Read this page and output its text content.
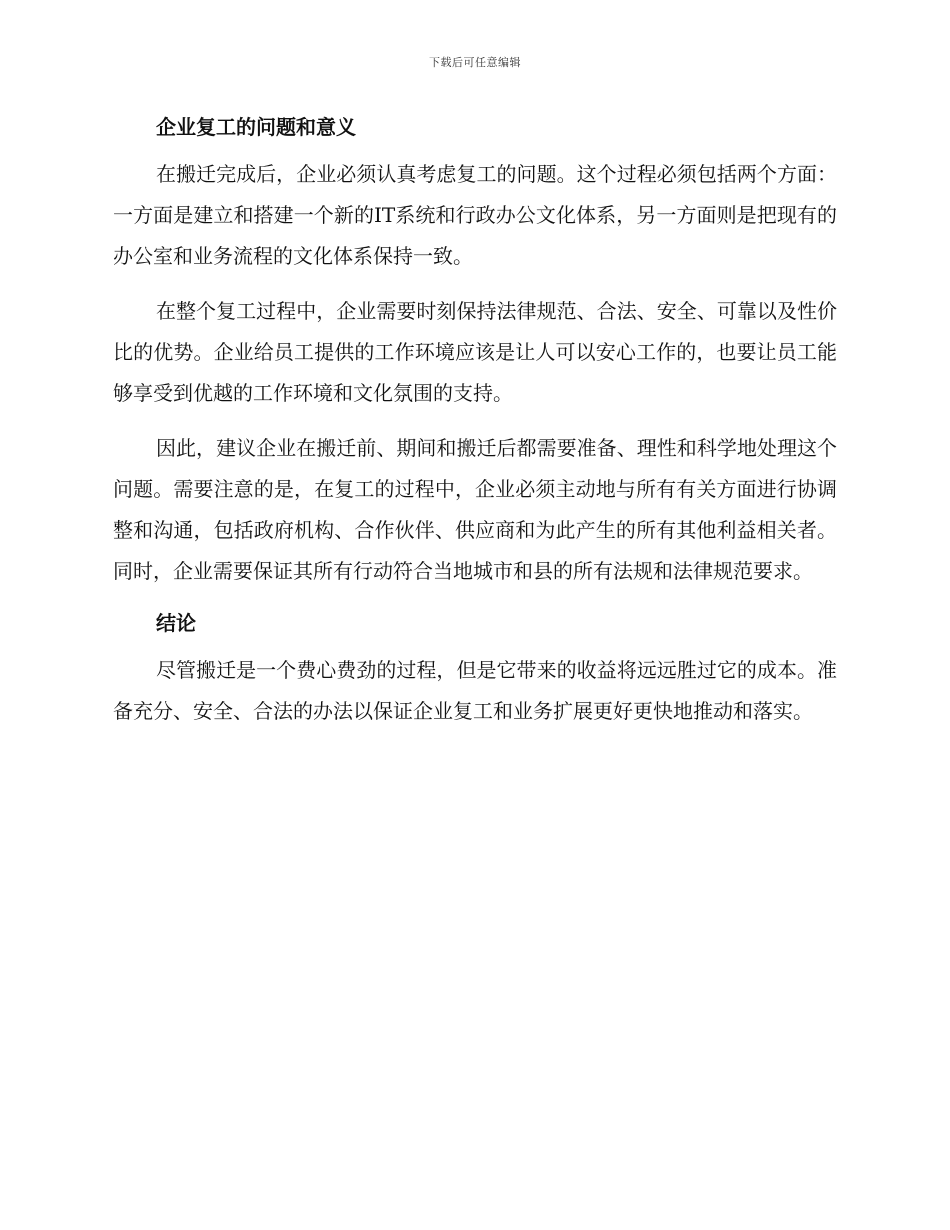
下载后可任意编辑
企业复工的问题和意义

在搬迁完成后，企业必须认真考虑复工的问题。这个过程必须包括两个方面：一方面是建立和搭建一个新的IT系统和行政办公文化体系，另一方面则是把现有的办公室和业务流程的文化体系保持一致。

在整个复工过程中，企业需要时刻保持法律规范、合法、安全、可靠以及性价比的优势。企业给员工提供的工作环境应该是让人可以安心工作的，也要让员工能够享受到优越的工作环境和文化氛围的支持。

因此，建议企业在搬迁前、期间和搬迁后都需要准备、理性和科学地处理这个问题。需要注意的是，在复工的过程中，企业必须主动地与所有有关方面进行协调整和沟通，包括政府机构、合作伙伴、供应商和为此产生的所有其他利益相关者。同时，企业需要保证其所有行动符合当地城市和县的所有法规和法律规范要求。

结论

尽管搬迁是一个费心费劲的过程，但是它带来的收益将远远胜过它的成本。准备充分、安全、合法的办法以保证企业复工和业务扩展更好更快地推动和落实。
